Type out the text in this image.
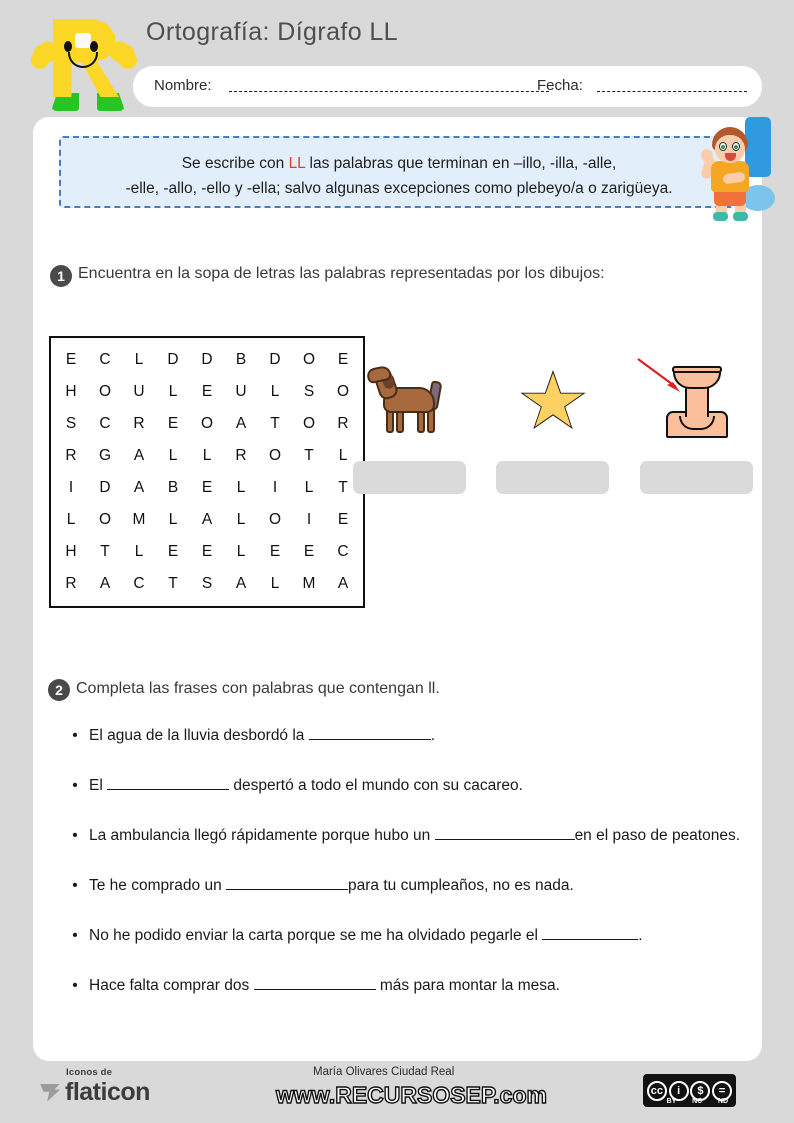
Ortografía: Dígrafo LL
Nombre:	Fecha:
Se escribe con LL las palabras que terminan en –illo, -illa, -alle,
-elle, -allo, -ello y -ella; salvo algunas excepciones como plebeyo/a o zarigüeya.
1 Encuentra en la sopa de letras las palabras representadas por los dibujos:
E	C	L	D	D	B	D	O	E
H	O	U	L	E	U	L	S	O
S	C	R	E	O	A	T	O	R
R	G	A	L	L	R	O	T	L
I	D	A	B	E	L	I	L	T
L	O	M	L	A	L	O	I	E
H	T	L	E	E	L	E	E	C
R	A	C	T	S	A	L	M	A
2 Completa las frases con palabras que contengan ll.
• El agua de la lluvia desbordó la	.
• El	despertó a todo el mundo con su cacareo.
• La ambulancia llegó rápidamente porque hubo un	en el paso de peatones.
• Te he comprado un	para tu cumpleaños, no es nada.
• No he podido enviar la carta porque se me ha olvidado pegarle el	.
• Hace falta comprar dos	más para montar la mesa.
Iconos de
flaticon
María Olivares Ciudad Real
www.RECURSOSEP.com	cc	i	$	=
BY NC ND
